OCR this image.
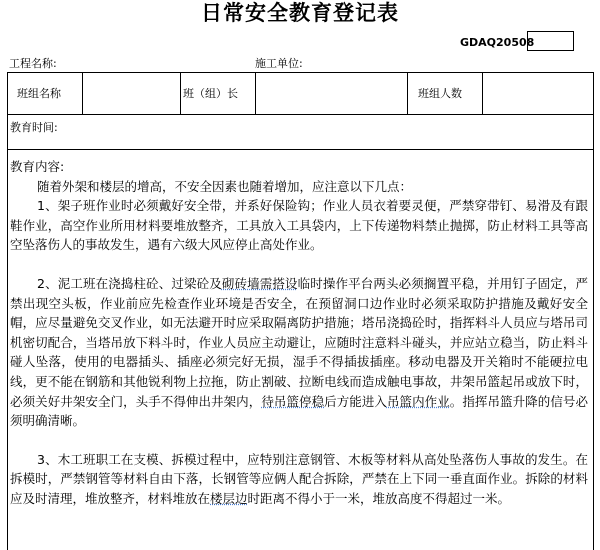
日常安全教育登记表
GDAQ20508
工程名称:	施工单位:
班组名称	班（组）长	班组人数
教育时间:

教育内容:

随着外架和楼层的增高，不安全因素也随着增加，应注意以下几点：

1、架子班作业时必须戴好安全带，并系好保险钩；作业人员衣着要灵便，严禁穿带钉、易滑及有跟鞋作业，高空作业所用材料要堆放整齐，工具放入工具袋内，上下传递物料禁止抛掷，防止材料工具等高空坠落伤人的事故发生，遇有六级大风应停止高处作业。

2、泥工班在浇捣柱砼、过梁砼及砌砖墙需搭设临时操作平台两头必须搁置平稳，并用钉子固定，严禁出现空头板，作业前应先检查作业环境是否安全，在预留洞口边作业时必须采取防护措施及戴好安全帽，应尽量避免交叉作业，如无法避开时应采取隔离防护措施；塔吊浇捣砼时，指挥料斗人员应与塔吊司机密切配合，当塔吊放下料斗时，作业人员应主动避让，应随时注意料斗碰头，并应站立稳当，防止料斗碰人坠落，使用的电器插头、插座必须完好无损，湿手不得插拔插座。移动电器及开关箱时不能硬拉电线，更不能在钢筋和其他锐利物上拉拖，防止割破、拉断电线而造成触电事故，井架吊篮起吊或放下时，必须关好井架安全门，头手不得伸出井架内，待吊篮停稳后方能进入吊篮内作业。指挥吊篮升降的信号必须明确清晰。

3、木工班职工在支模、拆模过程中，应特别注意钢管、木板等材料从高处坠落伤人事故的发生。在拆模时，严禁钢管等材料自由下落，长钢管等应俩人配合拆除，严禁在上下同一垂直面作业。拆除的材料应及时清理，堆放整齐，材料堆放在楼层边时距离不得小于一米，堆放高度不得超过一米。
